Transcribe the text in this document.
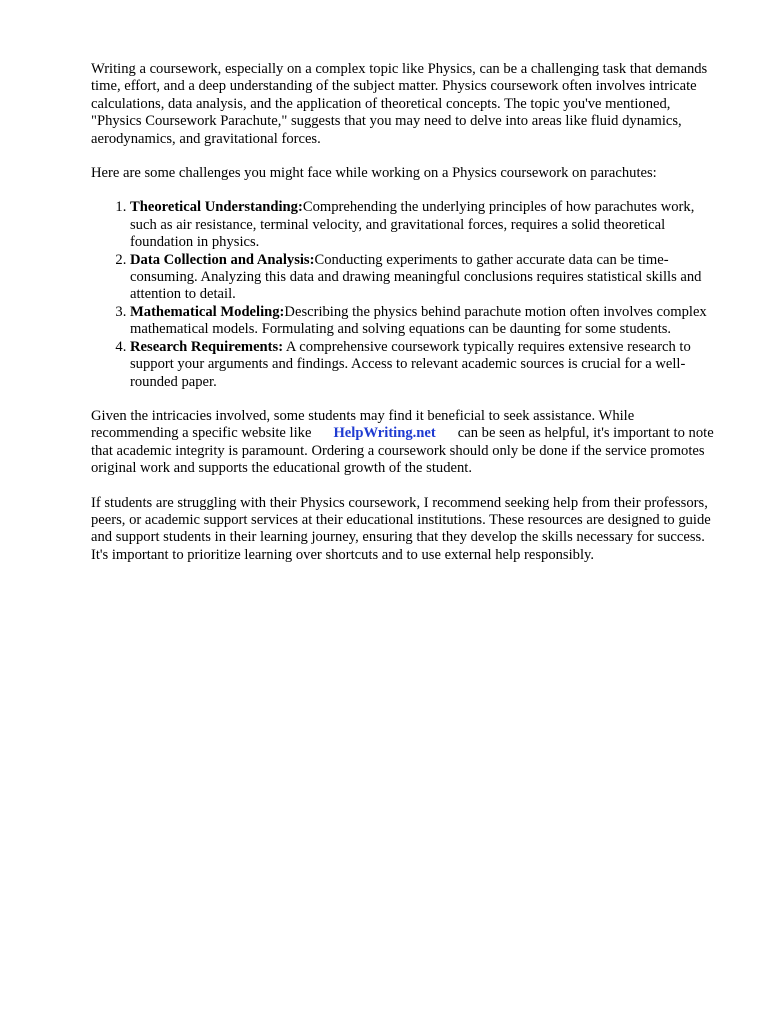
Writing a coursework, especially on a complex topic like Physics, can be a challenging task that demands time, effort, and a deep understanding of the subject matter. Physics coursework often involves intricate calculations, data analysis, and the application of theoretical concepts. The topic you've mentioned, "Physics Coursework Parachute," suggests that you may need to delve into areas like fluid dynamics, aerodynamics, and gravitational forces.

Here are some challenges you might face while working on a Physics coursework on parachutes:

1. Theoretical Understanding:Comprehending the underlying principles of how parachutes work, such as air resistance, terminal velocity, and gravitational forces, requires a solid theoretical foundation in physics.
2. Data Collection and Analysis:Conducting experiments to gather accurate data can be time-consuming. Analyzing this data and drawing meaningful conclusions requires statistical skills and attention to detail.
3. Mathematical Modeling:Describing the physics behind parachute motion often involves complex mathematical models. Formulating and solving equations can be daunting for some students.
4. Research Requirements: A comprehensive coursework typically requires extensive research to support your arguments and findings. Access to relevant academic sources is crucial for a well-rounded paper.

Given the intricacies involved, some students may find it beneficial to seek assistance. While recommending a specific website like HelpWriting.net can be seen as helpful, it's important to note that academic integrity is paramount. Ordering a coursework should only be done if the service promotes original work and supports the educational growth of the student.

If students are struggling with their Physics coursework, I recommend seeking help from their professors, peers, or academic support services at their educational institutions. These resources are designed to guide and support students in their learning journey, ensuring that they develop the skills necessary for success. It's important to prioritize learning over shortcuts and to use external help responsibly.
